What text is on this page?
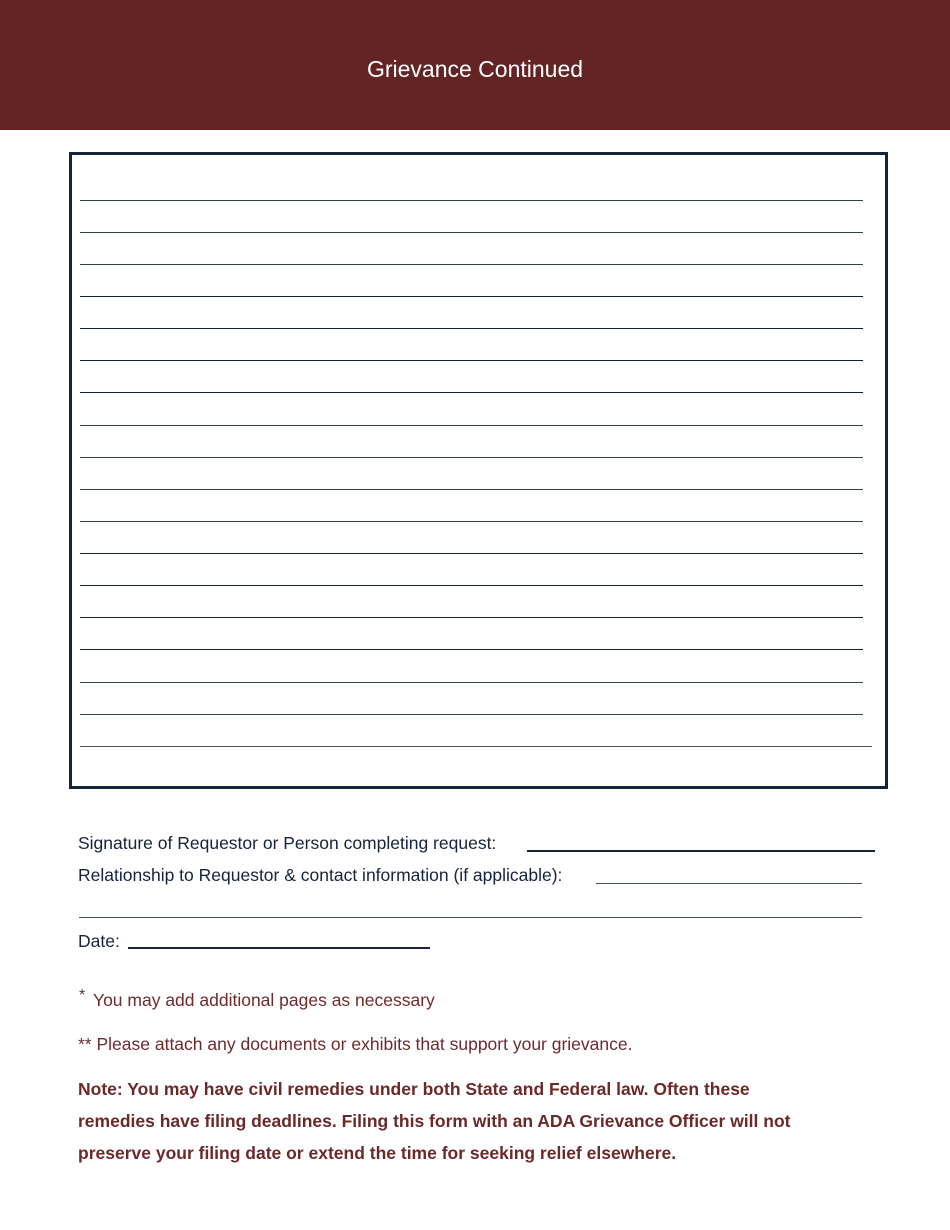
Grievance Continued
Signature of Requestor or Person completing request:
Relationship to Requestor & contact information (if applicable):
Date:
* You may add additional pages as necessary
** Please attach any documents or exhibits that support your grievance.
Note: You may have civil remedies under both State and Federal law. Often these
remedies have filing deadlines. Filing this form with an ADA Grievance Officer will not
preserve your filing date or extend the time for seeking relief elsewhere.
